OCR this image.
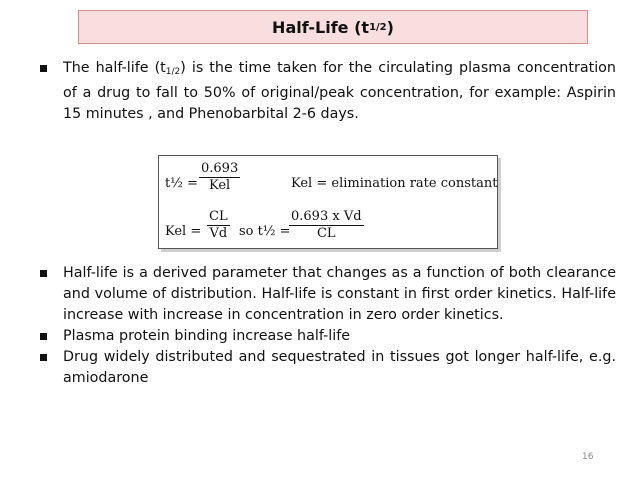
Half-Life (t 1/2 )
The half-life $(t_{1/2})$ is the time taken for the circulating plasma concentration of a drug to fall to 50% of original/peak concentration, for example: Aspirin 15 minutes , and Phenobarbital 2-6 days.
t½ =
0.693
Kel	Kel = elimination rate constant
Kel = $\frac{CL}{Vd}$ so t½ =
$\frac{\text{0.693 x Vd}}{CL}$
Half-life is a derived parameter that changes as a function of both clearance and volume of distribution. Half-life is constant in first order kinetics. Half-life increase with increase in concentration in zero order kinetics.
Plasma protein binding increase half-life
Drug widely distributed and sequestrated in tissues got longer half-life, e.g. amiodarone
16
